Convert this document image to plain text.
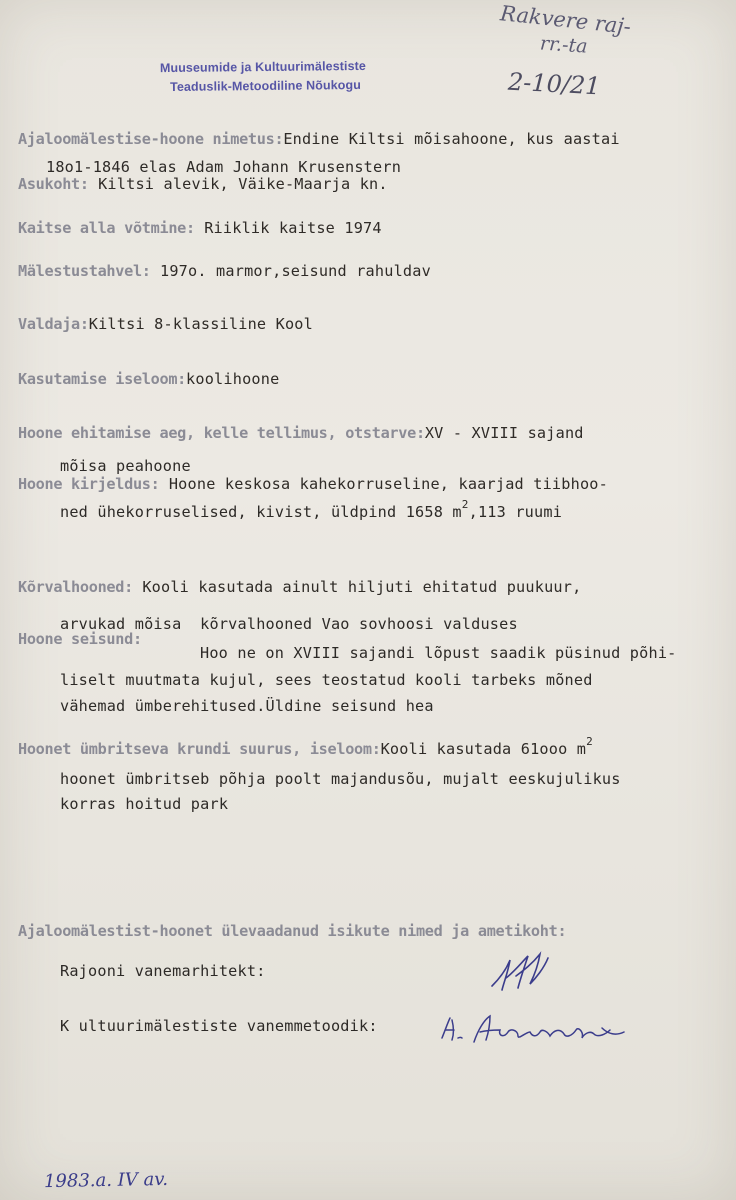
Muuseumide ja Kultuurimälestiste
Teaduslik-Metoodiline Nõukogu
Rakvere raj-
rr.-ta
2-10/21
Ajaloomälestise-hoone nimetus:Endine Kiltsi mõisahoone, kus aastai
18o1-1846 elas Adam Johann Krusenstern
Asukoht: Kiltsi alevik, Väike-Maarja kn.
Kaitse alla võtmine: Riiklik kaitse 1974
Mälestustahvel: 197o. marmor,seisund rahuldav
Valdaja:Kiltsi 8-klassiline Kool
Kasutamise iseloom:koolihoone
Hoone ehitamise aeg, kelle tellimus, otstarve:XV - XVIII sajand
mõisa peahoone
Hoone kirjeldus: Hoone keskosa kahekorruseline, kaarjad tiibhoo-
ned ühekorruselised, kivist, üldpind 1658 $m^2,113$ ruumi
Kõrvalhooned: Kooli kasutada ainult hiljuti ehitatud puukuur,
arvukad mõisa  kõrvalhooned Vao sovhoosi valduses
Hoone seisund:
Hoo ne on XVIII sajandi lõpust saadik püsinud põhi-
liselt muutmata kujul, sees teostatud kooli tarbeks mõned
vähemad ümberehitused.Üldine seisund hea
Hoonet ümbritseva krundi suurus, iseloom:Kooli kasutada 61ooo $m^2$
hoonet ümbritseb põhja poolt majandusõu, mujalt eeskujulikus
korras hoitud park
Ajaloomälestist-hoonet ülevaadanud isikute nimed ja ametikoht:
Rajooni vanemarhitekt:
K ultuurimälestiste vanemmetoodik:
1983.a. IV av.
